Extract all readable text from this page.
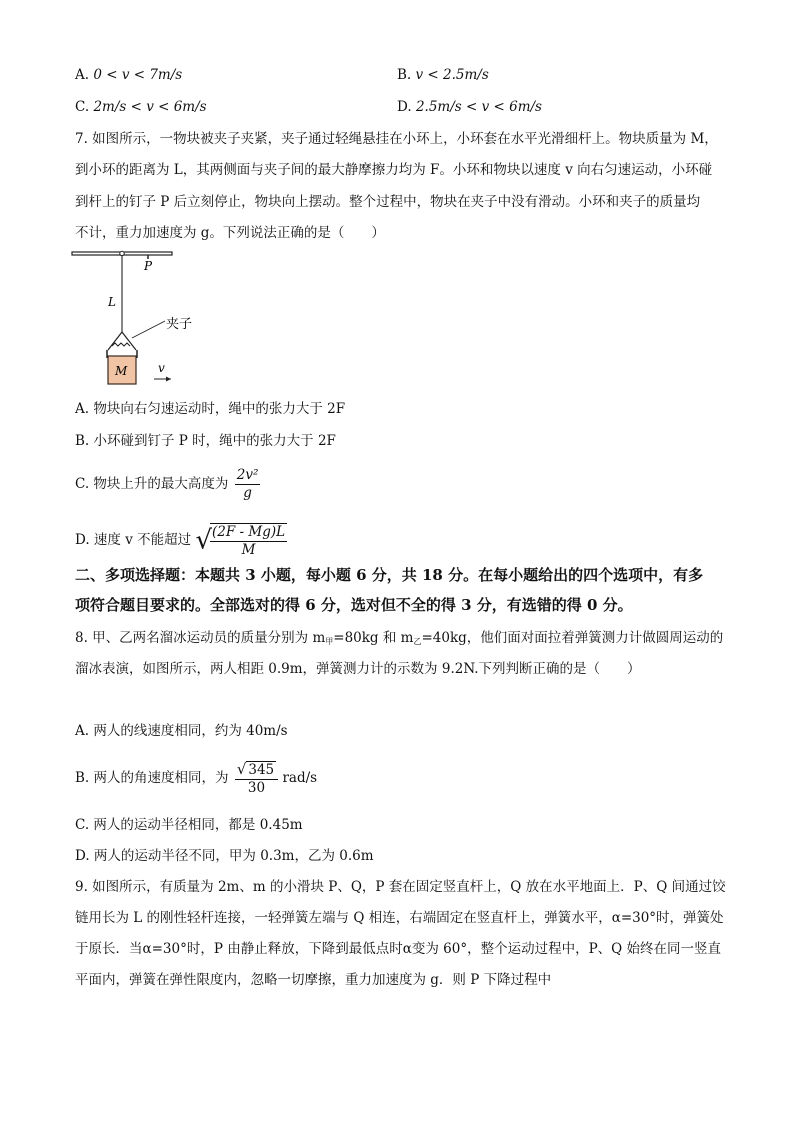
A. 0 < v < 7m/s	B. v < 2.5m/s
C. 2m/s < v < 6m/s	D. 2.5m/s < v < 6m/s
7. 如图所示，一物块被夹子夹紧，夹子通过轻绳悬挂在小环上，小环套在水平光滑细杆上。物块质量为 M，
到小环的距离为 L，其两侧面与夹子间的最大静摩擦力均为 F。小环和物块以速度 v 向右匀速运动，小环碰
到杆上的钉子 P 后立刻停止，物块向上摆动。整个过程中，物块在夹子中没有滑动。小环和夹子的质量均
不计，重力加速度为 g。下列说法正确的是（　　）
P
L
夹子
M	v
A. 物块向右匀速运动时，绳中的张力大于 2F
B. 小环碰到钉子 P 时，绳中的张力大于 2F
C. 物块上升的最大高度为 $\frac{\text{2v²}}{g}$
D. 速度 v 不能超过 √
$\frac{(2F - Mg)L}{M}$
二、多项选择题：本题共 3 小题，每小题 6 分，共 18 分。在每小题给出的四个选项中，有多
项符合题目要求的。全部选对的得 6 分，选对但不全的得 3 分，有选错的得 0 分。
8. 甲、乙两名溜冰运动员的质量分别为 $m_甲=80kg$ 和 $m_乙=40kg$，他们面对面拉着弹簧测力计做圆周运动的
溜冰表演，如图所示，两人相距 0.9m，弹簧测力计的示数为 9.2N.下列判断正确的是（　　）
A. 两人的线速度相同，约为 40m/s
B. 两人的角速度相同，为 $\frac{√ 345}{30} rad/s$
C. 两人的运动半径相同，都是 0.45m
D. 两人的运动半径不同，甲为 0.3m，乙为 0.6m
9. 如图所示，有质量为 2m、m 的小滑块 P、Q，P 套在固定竖直杆上，Q 放在水平地面上．P、Q 间通过饺
链用长为 L 的刚性轻杆连接，一轻弹簧左端与 Q 相连，右端固定在竖直杆上，弹簧水平，α=30°时，弹簧处
于原长．当α=30°时，P 由静止释放，下降到最低点时α变为 60°，整个运动过程中，P、Q 始终在同一竖直
平面内，弹簧在弹性限度内，忽略一切摩擦，重力加速度为 g．则 P 下降过程中
